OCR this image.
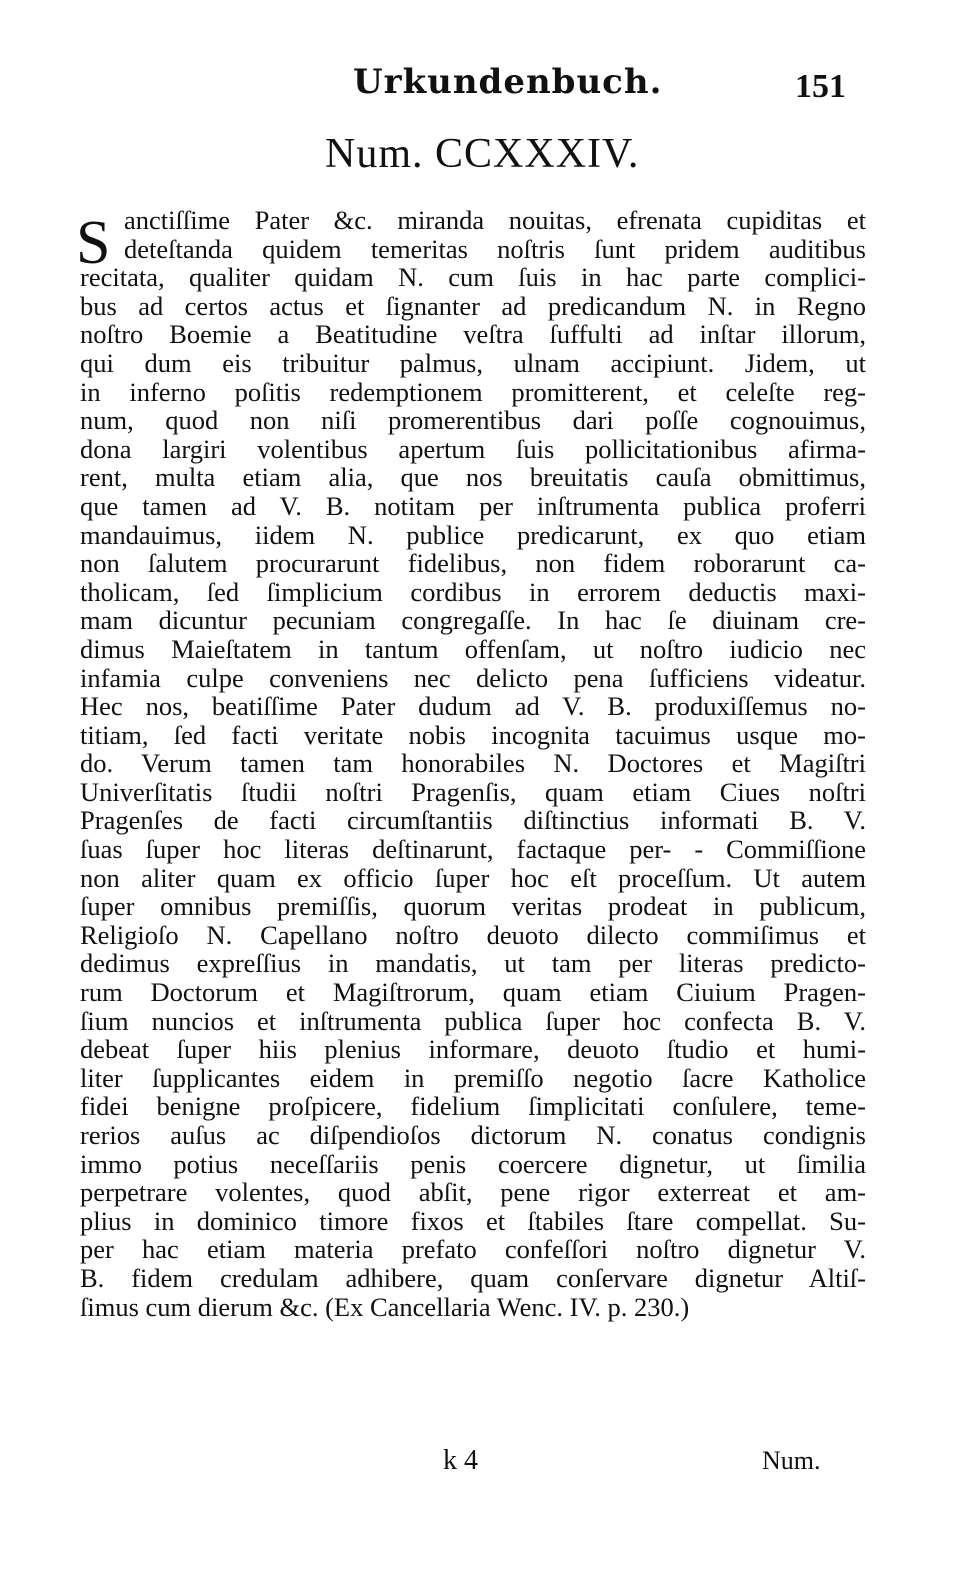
Urkundenbuch.	151
Num. CCXXXIV.
S anctiſſime Pater &c. miranda nouitas, efrenata cupiditas et
deteſtanda quidem temeritas noſtris ſunt pridem auditibus
recitata, qualiter quidam N. cum ſuis in hac parte complici-
bus ad certos actus et ſignanter ad predicandum N. in Regno
noſtro Boemie a Beatitudine veſtra ſuffulti ad inſtar illorum,
qui dum eis tribuitur palmus, ulnam accipiunt. Jidem, ut
in inferno poſitis redemptionem promitterent, et celeſte reg-
num, quod non niſi promerentibus dari poſſe cognouimus,
dona largiri volentibus apertum ſuis pollicitationibus afirma-
rent, multa etiam alia, que nos breuitatis cauſa obmittimus,
que tamen ad V. B. notitam per inſtrumenta publica proferri
mandauimus, iidem N. publice predicarunt, ex quo etiam
non ſalutem procurarunt fidelibus, non fidem roborarunt ca-
tholicam, ſed ſimplicium cordibus in errorem deductis maxi-
mam dicuntur pecuniam congregaſſe. In hac ſe diuinam cre-
dimus Maieſtatem in tantum offenſam, ut noſtro iudicio nec
infamia culpe conveniens nec delicto pena ſufficiens videatur.
Hec nos, beatiſſime Pater dudum ad V. B. produxiſſemus no-
titiam, ſed facti veritate nobis incognita tacuimus usque mo-
do. Verum tamen tam honorabiles N. Doctores et Magiſtri
Univerſitatis ſtudii noſtri Pragenſis, quam etiam Ciues noſtri
Pragenſes de facti circumſtantiis diſtinctius informati B. V.
ſuas ſuper hoc literas deſtinarunt, factaque per- - Commiſſione
non aliter quam ex officio ſuper hoc eſt proceſſum. Ut autem
ſuper omnibus premiſſis, quorum veritas prodeat in publicum,
Religioſo N. Capellano noſtro deuoto dilecto commiſimus et
dedimus expreſſius in mandatis, ut tam per literas predicto-
rum Doctorum et Magiſtrorum, quam etiam Ciuium Pragen-
ſium nuncios et inſtrumenta publica ſuper hoc confecta B. V.
debeat ſuper hiis plenius informare, deuoto ſtudio et humi-
liter ſupplicantes eidem in premiſſo negotio ſacre Katholice
fidei benigne proſpicere, fidelium ſimplicitati conſulere, teme-
rerios auſus ac diſpendioſos dictorum N. conatus condignis
immo potius neceſſariis penis coercere dignetur, ut ſimilia
perpetrare volentes, quod abſit, pene rigor exterreat et am-
plius in dominico timore fixos et ſtabiles ſtare compellat. Su-
per hac etiam materia prefato confeſſori noſtro dignetur V.
B. fidem credulam adhibere, quam conſervare dignetur Altiſ-
ſimus cum dierum &c. (Ex Cancellaria Wenc. IV. p. 230.)
k 4	Num.
